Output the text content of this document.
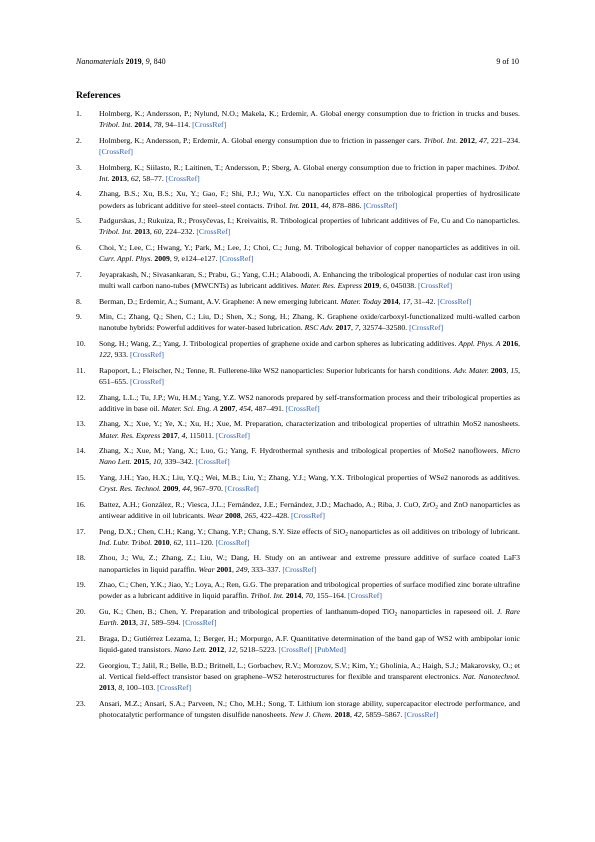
Nanomaterials 2019, 9, 840	9 of 10
References
1. Holmberg, K.; Andersson, P.; Nylund, N.O.; Makela, K.; Erdemir, A. Global energy consumption due to friction in trucks and buses. Tribol. Int. 2014, 78, 94–114. [CrossRef]
2. Holmberg, K.; Andersson, P.; Erdemir, A. Global energy consumption due to friction in passenger cars. Tribol. Int. 2012, 47, 221–234. [CrossRef]
3. Holmberg, K.; Siilasto, R.; Laitinen, T.; Andersson, P.; Sberg, A. Global energy consumption due to friction in paper machines. Tribol. Int. 2013, 62, 58–77. [CrossRef]
4. Zhang, B.S.; Xu, B.S.; Xu, Y.; Gao, F.; Shi, P.J.; Wu, Y.X. Cu nanoparticles effect on the tribological properties of hydrosilicate powders as lubricant additive for steel–steel contacts. Tribol. Int. 2011, 44, 878–886. [CrossRef]
5. Padgurskas, J.; Rukuiza, R.; Prosyčevas, I.; Kreivaitis, R. Tribological properties of lubricant additives of Fe, Cu and Co nanoparticles. Tribol. Int. 2013, 60, 224–232. [CrossRef]
6. Choi, Y.; Lee, C.; Hwang, Y.; Park, M.; Lee, J.; Choi, C.; Jung, M. Tribological behavior of copper nanoparticles as additives in oil. Curr. Appl. Phys. 2009, 9, e124–e127. [CrossRef]
7. Jeyaprakash, N.; Sivasankaran, S.; Prabu, G.; Yang, C.H.; Alaboodi, A. Enhancing the tribological properties of nodular cast iron using multi wall carbon nano-tubes (MWCNTs) as lubricant additives. Mater. Res. Express 2019, 6, 045038. [CrossRef]
8. Berman, D.; Erdemir, A.; Sumant, A.V. Graphene: A new emerging lubricant. Mater. Today 2014, 17, 31–42. [CrossRef]
9. Min, C.; Zhang, Q.; Shen, C.; Liu, D.; Shen, X.; Song, H.; Zhang, K. Graphene oxide/carboxyl-functionalized multi-walled carbon nanotube hybrids: Powerful additives for water-based lubrication. RSC Adv. 2017, 7, 32574–32580. [CrossRef]
10. Song, H.; Wang, Z.; Yang, J. Tribological properties of graphene oxide and carbon spheres as lubricating additives. Appl. Phys. A 2016, 122, 933. [CrossRef]
11. Rapoport, L.; Fleischer, N.; Tenne, R. Fullerene-like WS2 nanoparticles: Superior lubricants for harsh conditions. Adv. Mater. 2003, 15, 651–655. [CrossRef]
12. Zhang, L.L.; Tu, J.P.; Wu, H.M.; Yang, Y.Z. WS2 nanorods prepared by self-transformation process and their tribological properties as additive in base oil. Mater. Sci. Eng. A 2007, 454, 487–491. [CrossRef]
13. Zhang, X.; Xue, Y.; Ye, X.; Xu, H.; Xue, M. Preparation, characterization and tribological properties of ultrathin MoS2 nanosheets. Mater. Res. Express 2017, 4, 115011. [CrossRef]
14. Zhang, X.; Xue, M.; Yang, X.; Luo, G.; Yang, F. Hydrothermal synthesis and tribological properties of MoSe2 nanoflowers. Micro Nano Lett. 2015, 10, 339–342. [CrossRef]
15. Yang, J.H.; Yao, H.X.; Liu, Y.Q.; Wei, M.B.; Liu, Y.; Zhang, Y.J.; Wang, Y.X. Tribological properties of WSe2 nanorods as additives. Cryst. Res. Technol. 2009, 44, 967–970. [CrossRef]
16. Battez, A.H.; González, R.; Viesca, J.L.; Fernández, J.E.; Fernández, J.D.; Machado, A.; Riba, J. CuO, ZrO$_2$ and ZnO nanoparticles as antiwear additive in oil lubricants. Wear 2008, 265, 422–428. [CrossRef]
17. Peng, D.X.; Chen, C.H.; Kang, Y.; Chang, Y.P.; Chang, S.Y. Size effects of SiO$_2$ nanoparticles as oil additives on tribology of lubricant. Ind. Lubr. Tribol. 2010, 62, 111–120. [CrossRef]
18. Zhou, J.; Wu, Z.; Zhang, Z.; Liu, W.; Dang, H. Study on an antiwear and extreme pressure additive of surface coated LaF3 nanoparticles in liquid paraffin. Wear 2001, 249, 333–337. [CrossRef]
19. Zhao, C.; Chen, Y.K.; Jiao, Y.; Loya, A.; Ren, G.G. The preparation and tribological properties of surface modified zinc borate ultrafine powder as a lubricant additive in liquid paraffin. Tribol. Int. 2014, 70, 155–164. [CrossRef]
20. Gu, K.; Chen, B.; Chen, Y. Preparation and tribological properties of lanthanum-doped TiO$_2$ nanoparticles in rapeseed oil. J. Rare Earth. 2013, 31, 589–594. [CrossRef]
21. Braga, D.; Gutiérrez Lezama, I.; Berger, H.; Morpurgo, A.F. Quantitative determination of the band gap of WS2 with ambipolar ionic liquid-gated transistors. Nano Lett. 2012, 12, 5218–5223. [CrossRef] [PubMed]
22. Georgiou, T.; Jalil, R.; Belle, B.D.; Britnell, L.; Gorbachev, R.V.; Morozov, S.V.; Kim, Y.; Gholinia, A.; Haigh, S.J.; Makarovsky, O.; et al. Vertical field-effect transistor based on graphene–WS2 heterostructures for flexible and transparent electronics. Nat. Nanotechnol. 2013, 8, 100–103. [CrossRef]
23. Ansari, M.Z.; Ansari, S.A.; Parveen, N.; Cho, M.H.; Song, T. Lithium ion storage ability, supercapacitor electrode performance, and photocatalytic performance of tungsten disulfide nanosheets. New J. Chem. 2018, 42, 5859–5867. [CrossRef]
